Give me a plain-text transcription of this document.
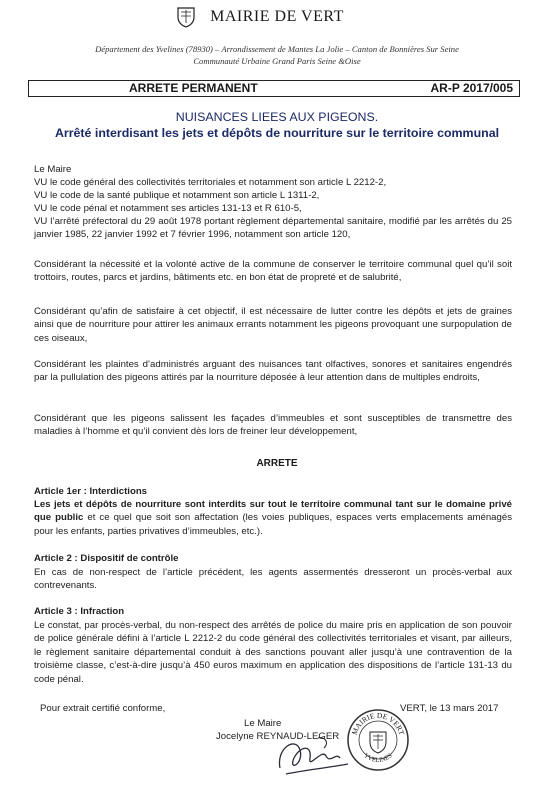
MAIRIE DE VERT
Département des Yvelines (78930) – Arrondissement de Mantes La Jolie – Canton de Bonnières Sur Seine
Communauté Urbaine Grand Paris Seine &Oise
ARRETE PERMANENT	AR-P 2017/005
NUISANCES LIEES AUX PIGEONS.
Arrêté interdisant les jets et dépôts de nourriture sur le territoire communal
Le Maire
VU le code général des collectivités territoriales et notamment son article L 2212-2,
VU le code de la santé publique et notamment son article L 1311-2,
VU le code pénal et notamment ses articles 131-13 et R 610-5,
VU l’arrêté préfectoral du 29 août 1978 portant règlement départemental sanitaire, modifié par les arrêtés du 25 janvier 1985, 22 janvier 1992 et 7 février 1996, notamment son article 120,
Considérant la nécessité et la volonté active de la commune de conserver le territoire communal quel qu’il soit trottoirs, routes, parcs et jardins, bâtiments etc. en bon état de propreté et de salubrité,
Considérant qu’afin de satisfaire à cet objectif, il est nécessaire de lutter contre les dépôts et jets de graines ainsi que de nourriture pour attirer les animaux errants notamment les pigeons provoquant une surpopulation de ces oiseaux,
Considérant les plaintes d’administrés arguant des nuisances tant olfactives, sonores et sanitaires engendrés par la pullulation des pigeons attirés par la nourriture déposée à leur attention dans de multiples endroits,
Considérant que les pigeons salissent les façades d’immeubles et sont susceptibles de transmettre des maladies à l’homme et qu’il convient dès lors de freiner leur développement,
ARRETE
Article 1er : Interdictions
Les jets et dépôts de nourriture sont interdits sur tout le territoire communal tant sur le domaine privé que public et ce quel que soit son affectation (les voies publiques, espaces verts emplacements aménagés pour les enfants, parties privatives d’immeubles, etc.).
Article 2 : Dispositif de contrôle
En cas de non-respect de l’article précédent, les agents assermentés dresseront un procès-verbal aux contrevenants.
Article 3 : Infraction
Le constat, par procès-verbal, du non-respect des arrêtés de police du maire pris en application de son pouvoir de police générale défini à l’article L 2212-2 du code général des collectivités territoriales et visant, par ailleurs, le règlement sanitaire départemental conduit à des sanctions pouvant aller jusqu’à une contravention de la troisième classe, c’est-à-dire jusqu’à 450 euros maximum en application des dispositions de l’article 131-13 du code pénal.
Pour extrait certifié conforme,	VERT, le 13 mars 2017
Le Maire
Jocelyne REYNAUD-LEGER MAIRIE DE VERT
YVELINES
